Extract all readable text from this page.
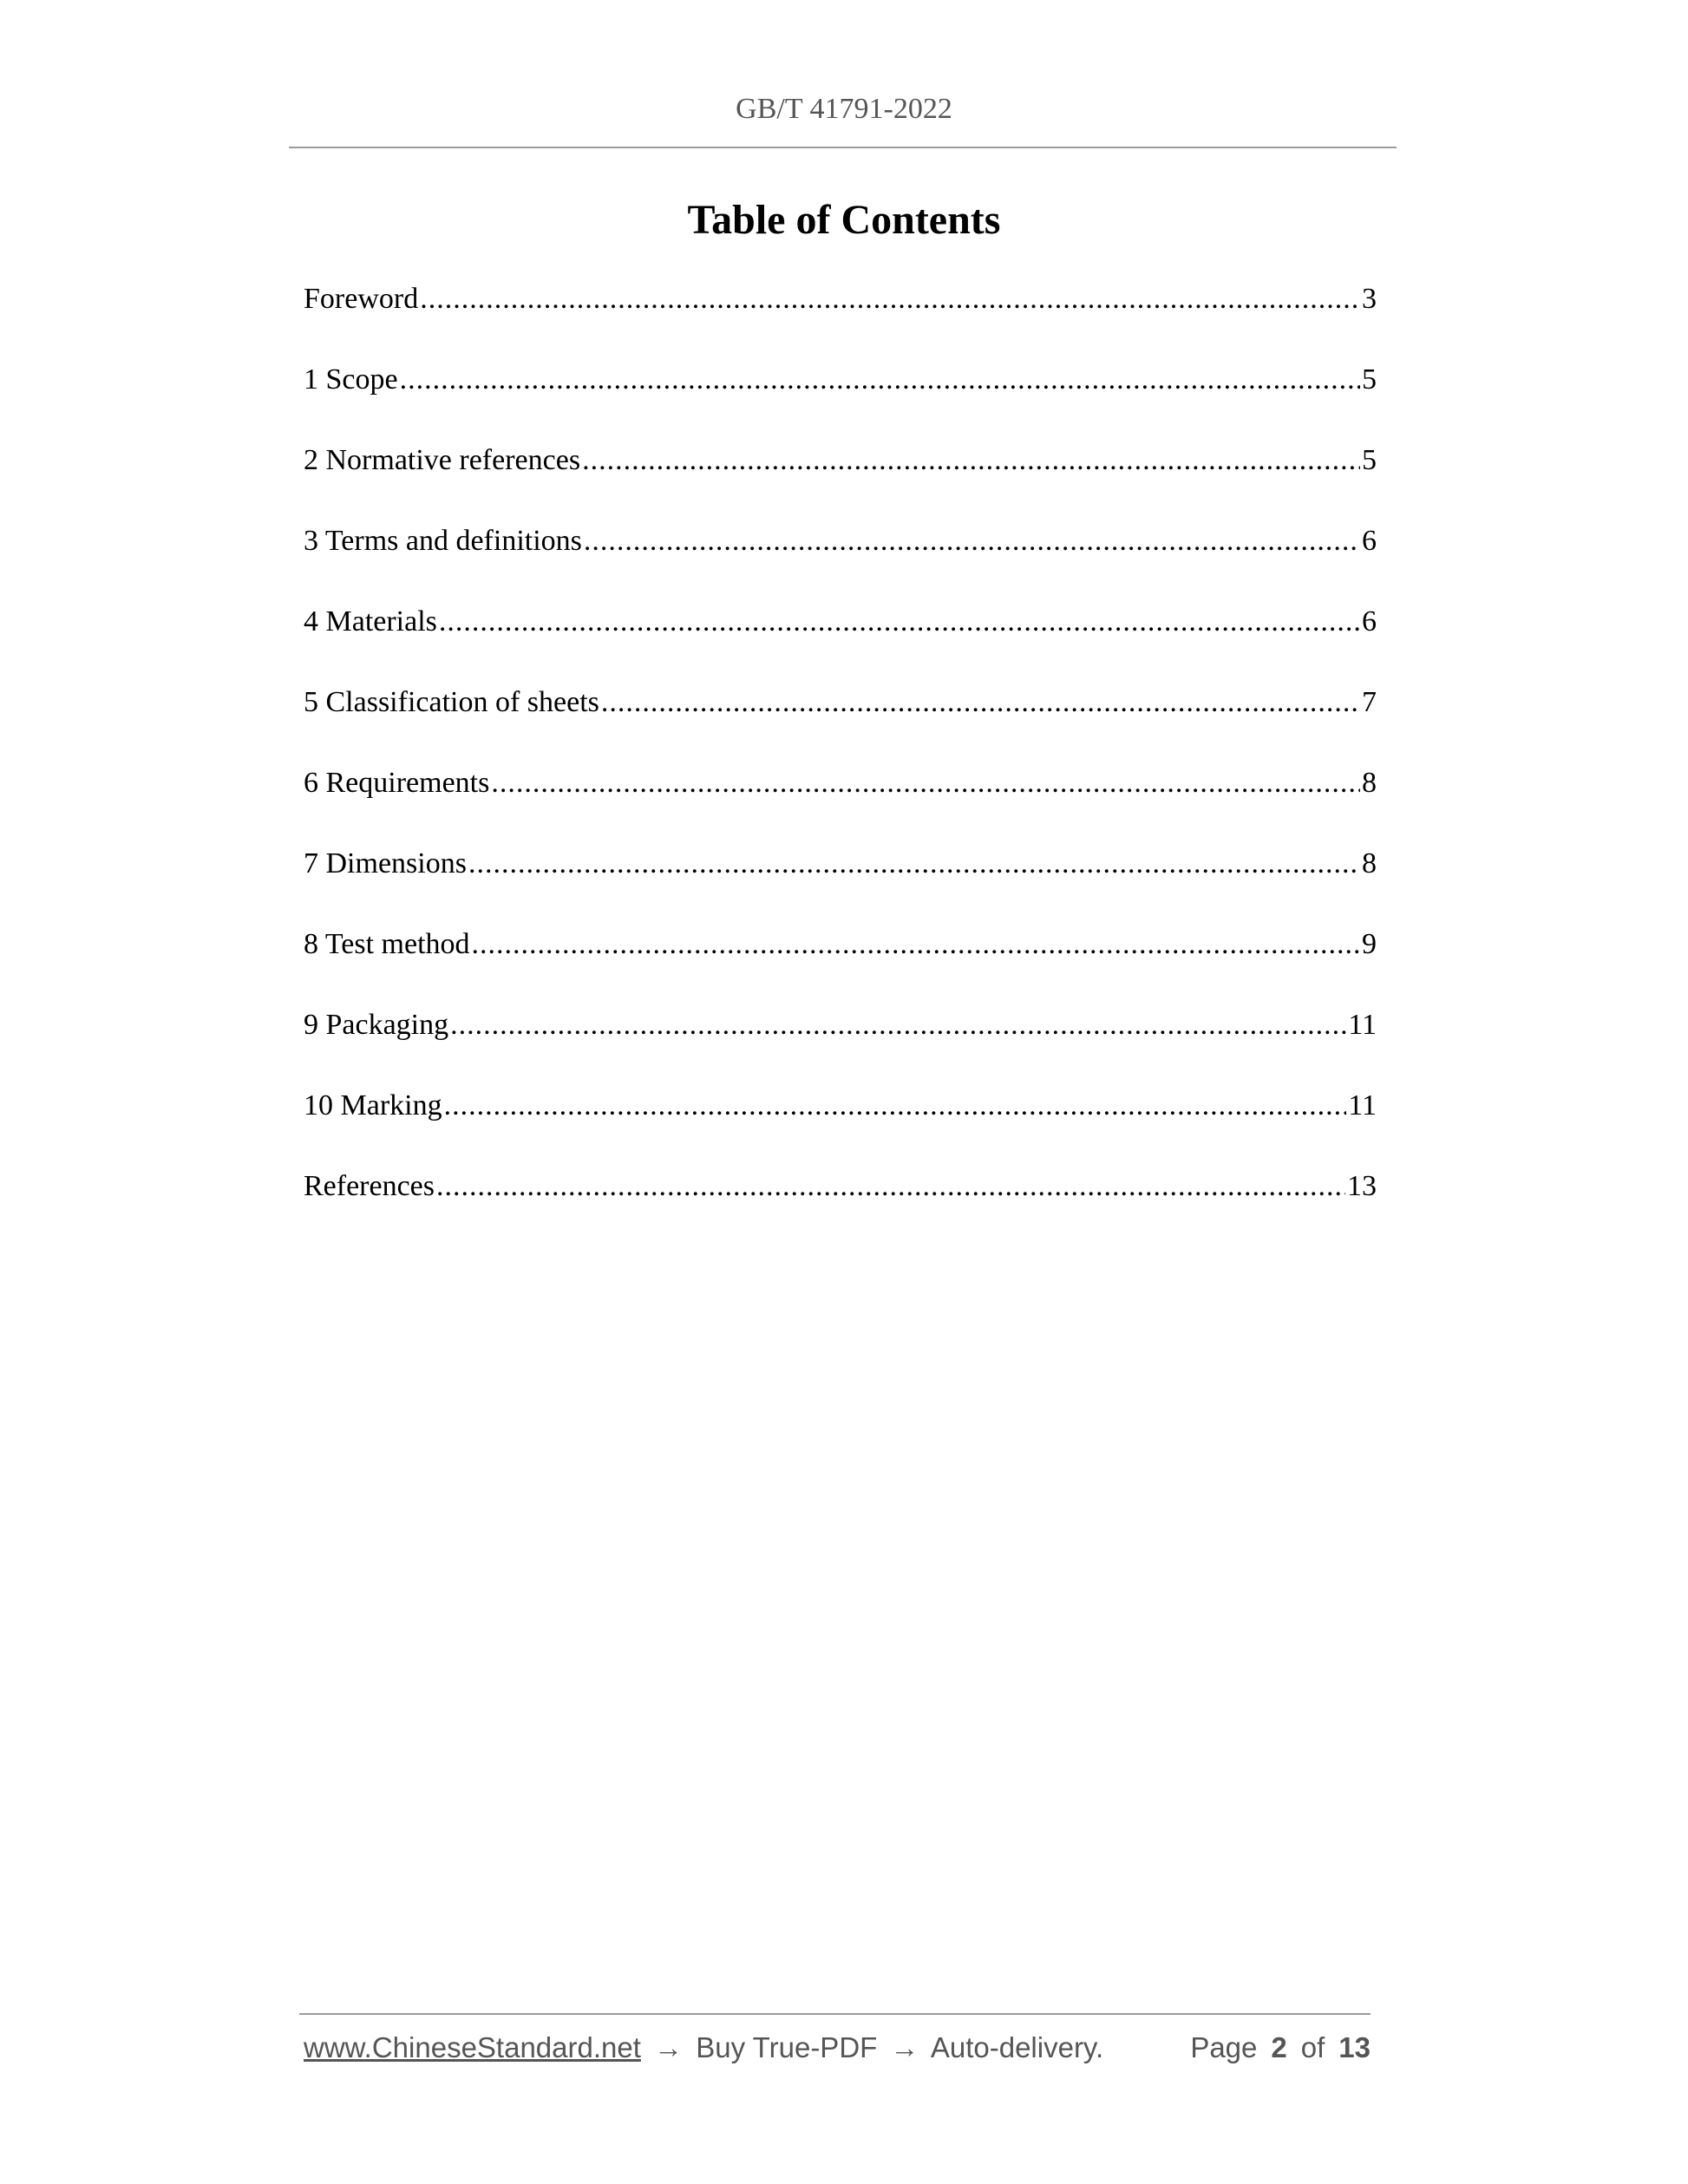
GB/T 41791-2022
Table of Contents
Foreword .....	3
1 Scope .....	5
2 Normative references .....	5
3 Terms and definitions .....	6
4 Materials .....	6
5 Classification of sheets .....	7
6 Requirements .....	8
7 Dimensions .....	8
8 Test method .....	9
9 Packaging .....	11
10 Marking .....	11
References .....	13
www.ChineseStandard.net → Buy True-PDF → Auto-delivery.	Page 2 of 13
